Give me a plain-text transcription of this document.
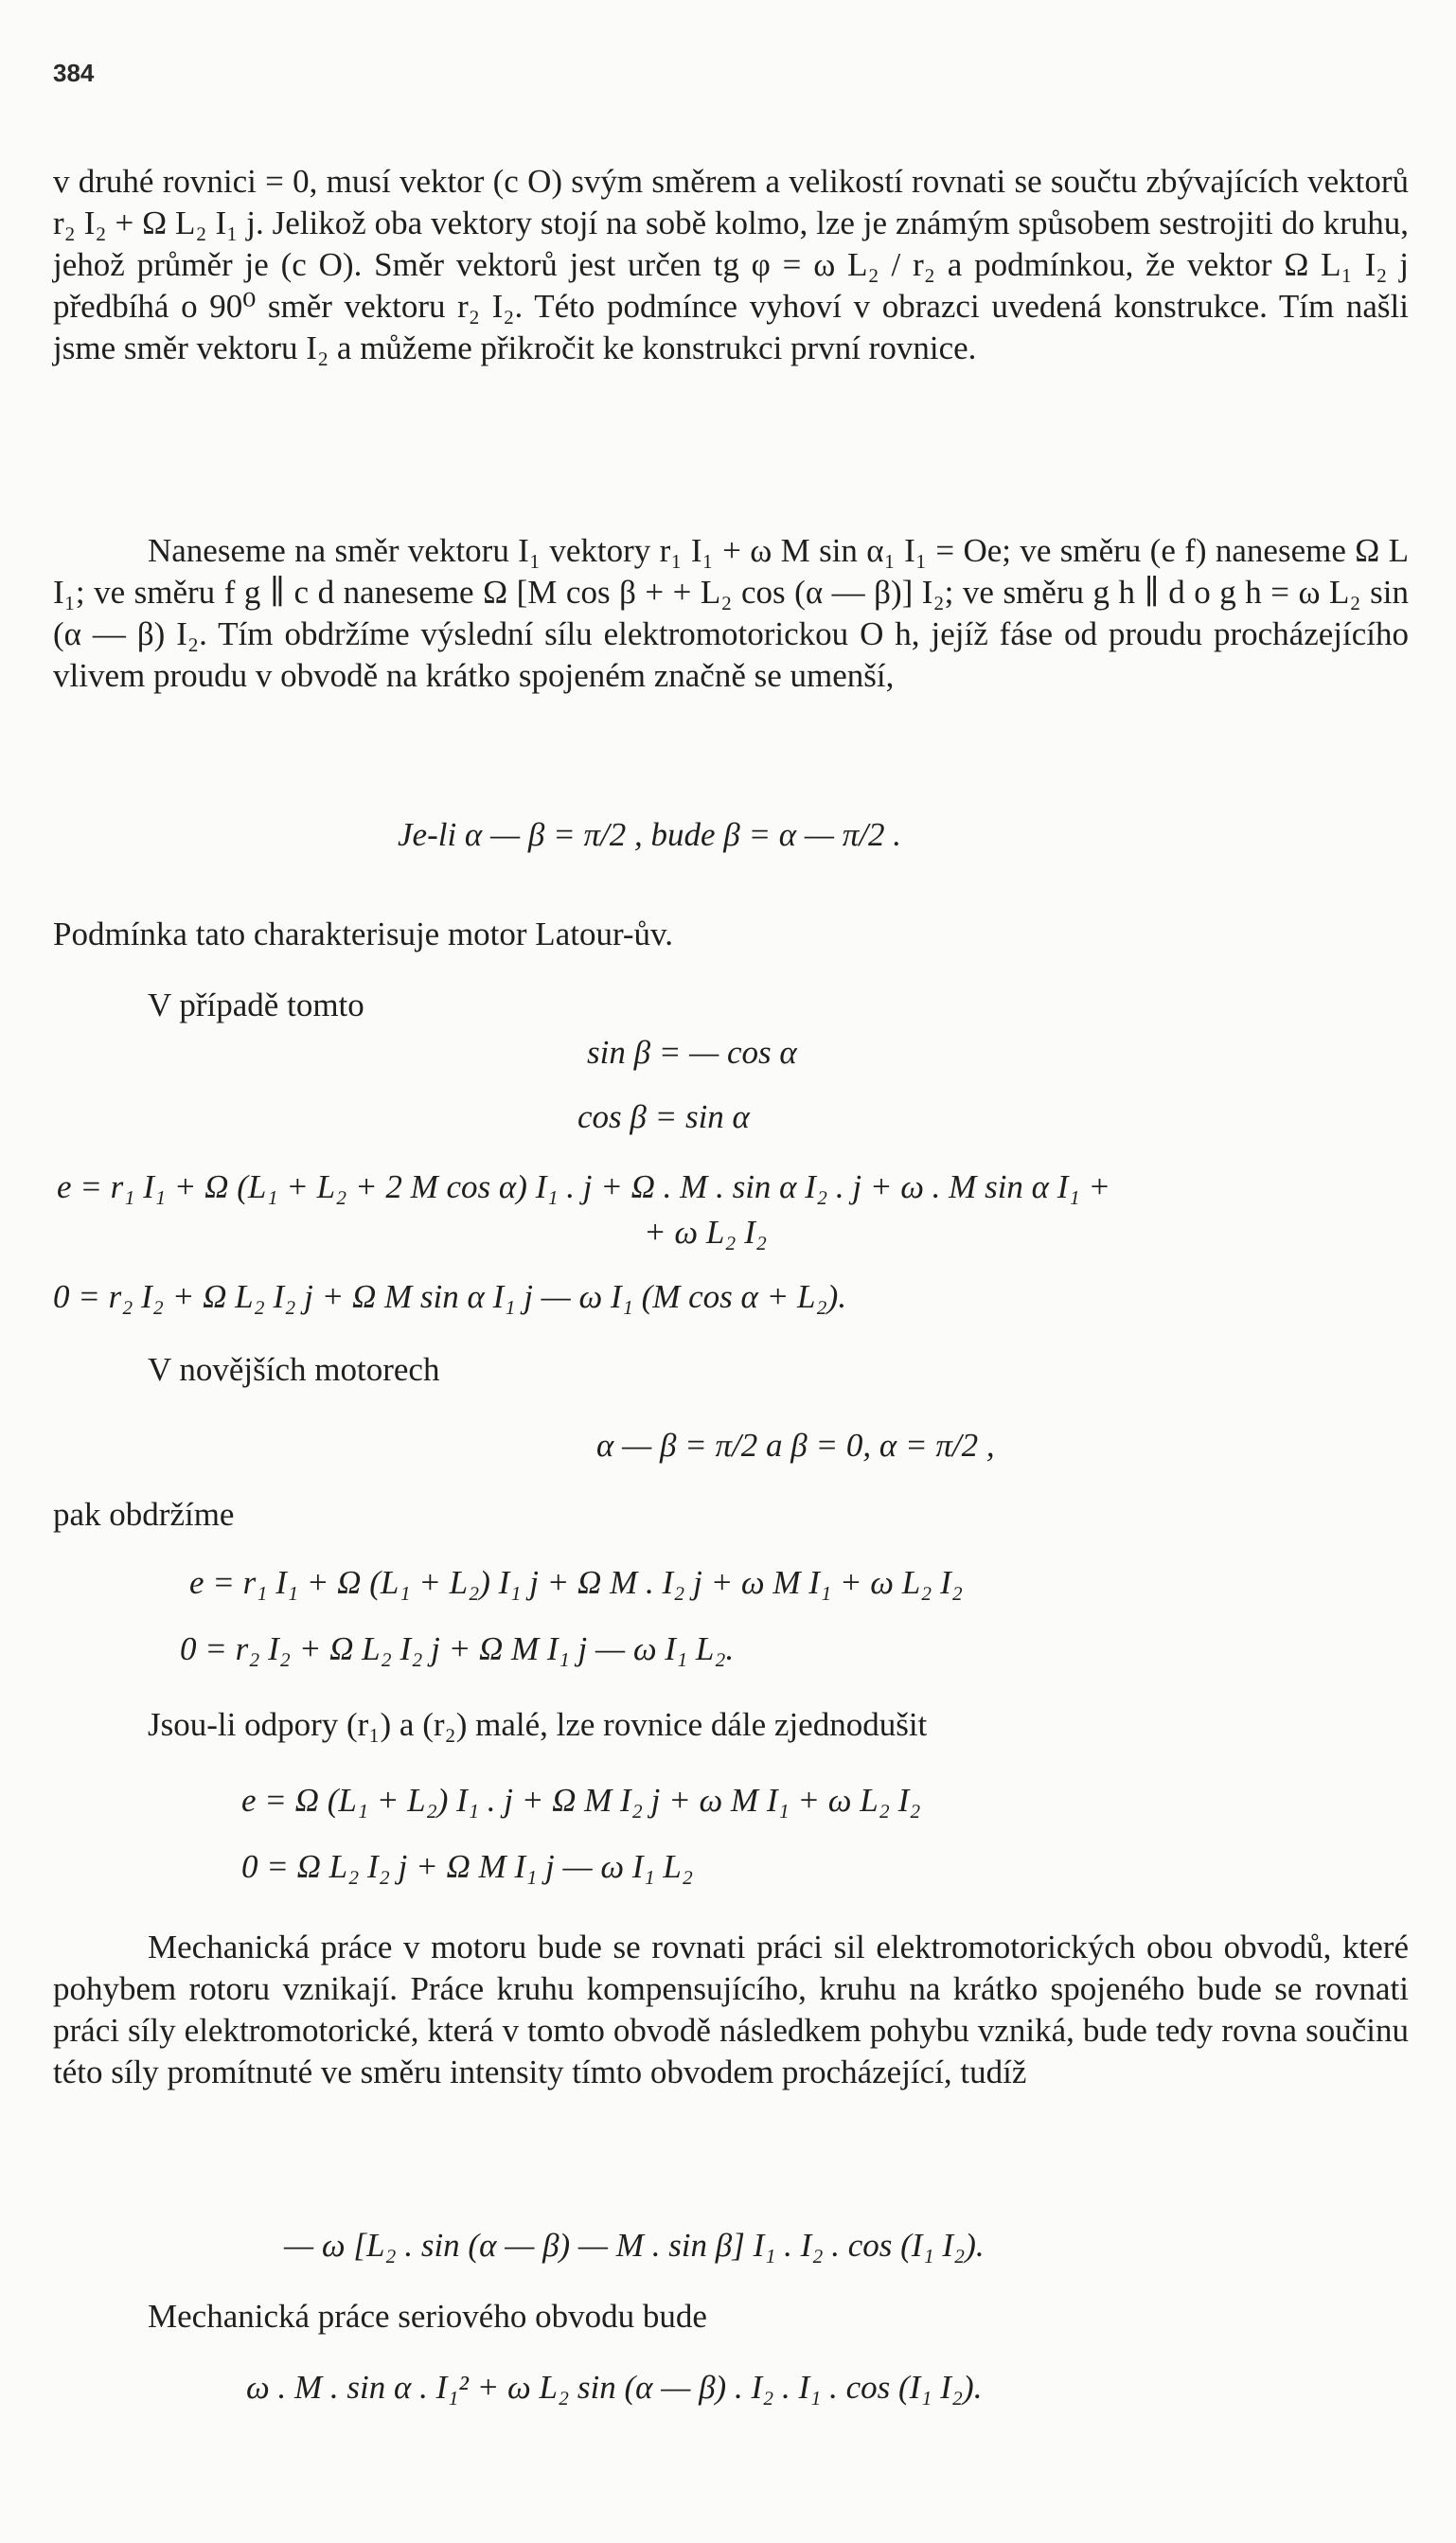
384

v druhé rovnici = 0, musí vektor (c O) svým směrem a velikostí rovnati se součtu zbývajících vektorů r₂ I₂ + Ω L₂ I₁ j. Jelikož oba vektory stojí na sobě kolmo, lze je známým spůsobem sestrojiti do kruhu, jehož průměr je (c O). Směr vektorů jest určen tg φ = ω L₂ / r₂ a podmínkou, že vektor Ω L₁ I₂ j předbíhá o 90⁰ směr vektoru r₂ I₂. Této podmínce vyhoví v obrazci uvedená konstrukce. Tím našli jsme směr vektoru I₂ a můžeme přikročit ke konstrukci první rovnice.

Naneseme na směr vektoru I₁ vektory r₁ I₁ + ω M sin α₁ I₁ = Oe; ve směru (e f) naneseme Ω L I₁; ve směru f g ∥ c d naneseme Ω [M cos β + + L₂ cos (α — β)] I₂; ve směru g h ∥ d o g h = ω L₂ sin (α — β) I₂. Tím obdržíme výslední sílu elektromotorickou O h, jejíž fáse od proudu procházejícího vlivem proudu v obvodě na krátko spojeném značně se umenší,

Je-li α — β = π/2 , bude β = α — π/2 .

Podmínka tato charakterisuje motor Latour-ův.

V případě tomto

sin β = — cos α

cos β = sin α

e = r₁ I₁ + Ω (L₁ + L₂ + 2 M cos α) I₁ . j + Ω . M . sin α I₂ . j + ω . M sin α I₁ +

+ ω L₂ I₂

0 = r₂ I₂ + Ω L₂ I₂ j + Ω M sin α I₁ j — ω I₁ (M cos α + L₂).

V novějších motorech

α — β = π/2 a β = 0, α = π/2 ,

pak obdržíme

e = r₁ I₁ + Ω (L₁ + L₂) I₁ j + Ω M . I₂ j + ω M I₁ + ω L₂ I₂

0 = r₂ I₂ + Ω L₂ I₂ j + Ω M I₁ j — ω I₁ L₂.

Jsou-li odpory (r₁) a (r₂) malé, lze rovnice dále zjednodušit

e = Ω (L₁ + L₂) I₁ . j + Ω M I₂ j + ω M I₁ + ω L₂ I₂

0 = Ω L₂ I₂ j + Ω M I₁ j — ω I₁ L₂

Mechanická práce v motoru bude se rovnati práci sil elektromotorických obou obvodů, které pohybem rotoru vznikají. Práce kruhu kompensujícího, kruhu na krátko spojeného bude se rovnati práci síly elektromotorické, která v tomto obvodě následkem pohybu vzniká, bude tedy rovna součinu této síly promítnuté ve směru intensity tímto obvodem procházející, tudíž

— ω [L₂ . sin (α — β) — M . sin β] I₁ . I₂ . cos (I₁ I₂).

Mechanická práce seriového obvodu bude

ω . M . sin α . I₁² + ω L₂ sin (α — β) . I₂ . I₁ . cos (I₁ I₂).
